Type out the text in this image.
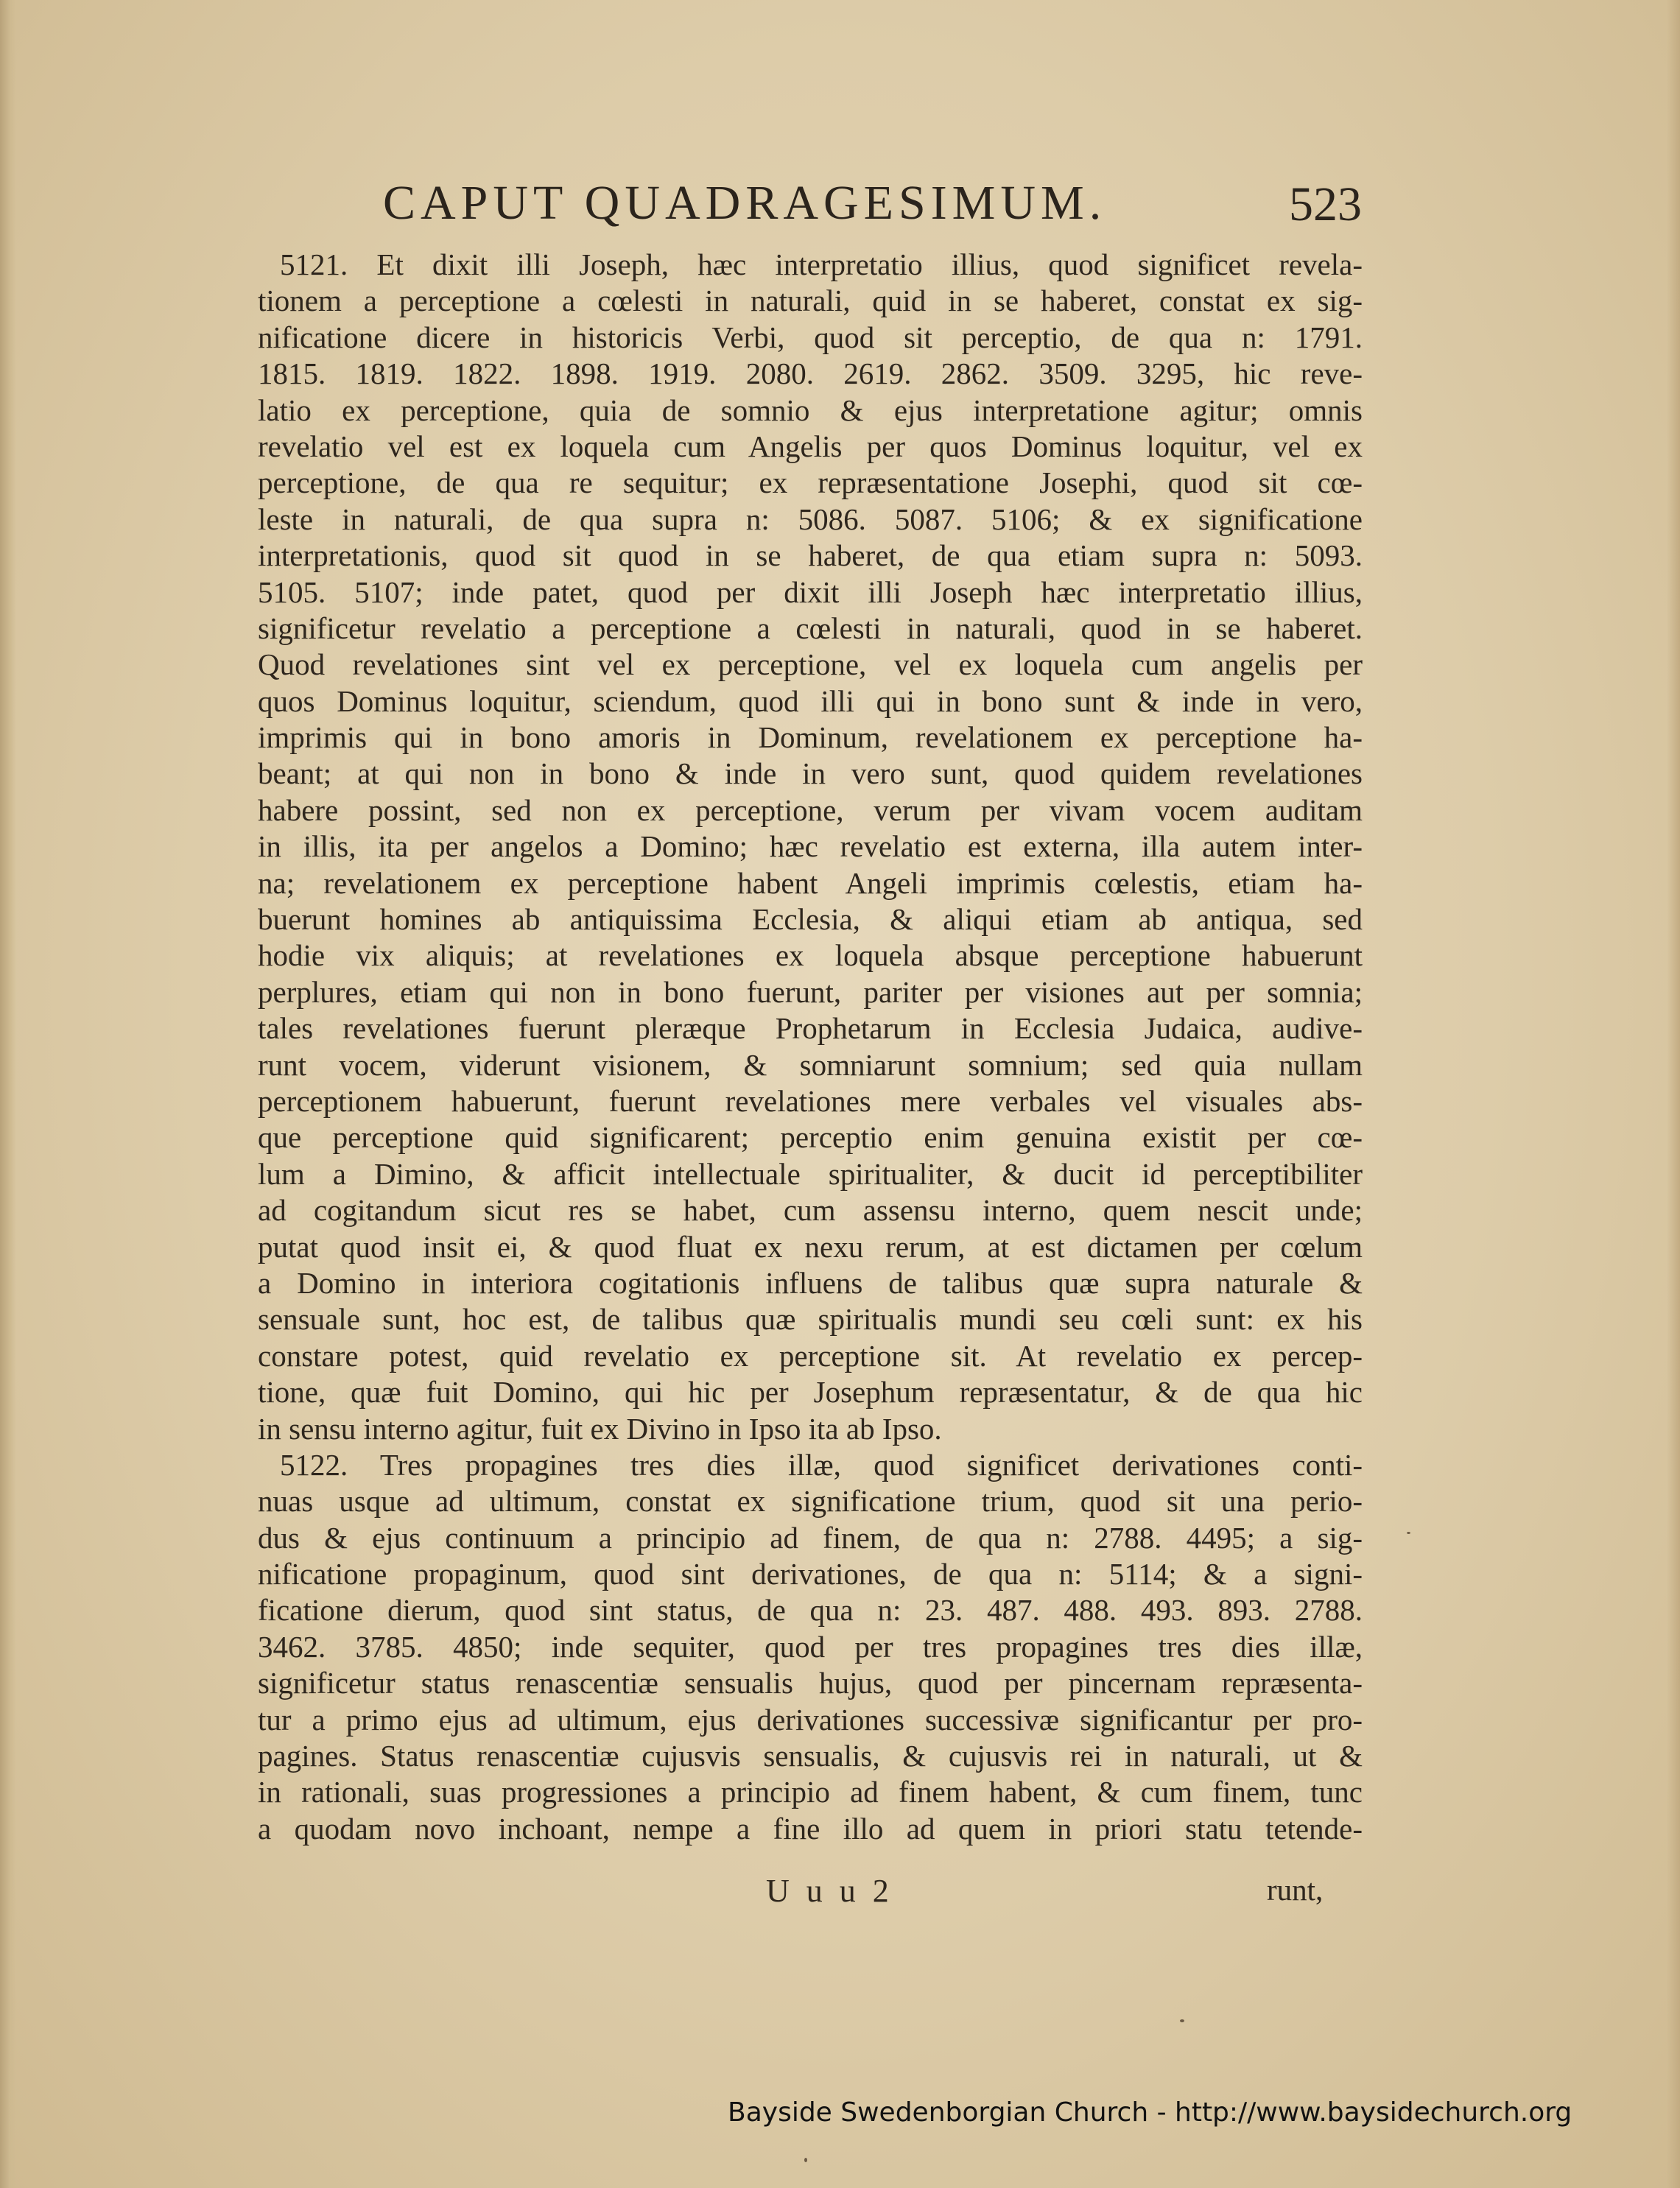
CAPUT QUADRAGESIMUM.	523
5121. Et dixit illi Joseph, hæc interpretatio illius, quod significet revela-
tionem a perceptione a cœlesti in naturali, quid in se haberet, constat ex sig-
nificatione dicere in historicis Verbi, quod sit perceptio, de qua n: 1791.
1815. 1819. 1822. 1898. 1919. 2080. 2619. 2862. 3509. 3295, hic reve-
latio ex perceptione, quia de somnio & ejus interpretatione agitur; omnis
revelatio vel est ex loquela cum Angelis per quos Dominus loquitur, vel ex
perceptione, de qua re sequitur; ex repræsentatione Josephi, quod sit cœ-
leste in naturali, de qua supra n: 5086. 5087. 5106; & ex significatione
interpretationis, quod sit quod in se haberet, de qua etiam supra n: 5093.
5105. 5107; inde patet, quod per dixit illi Joseph hæc interpretatio illius,
significetur revelatio a perceptione a cœlesti in naturali, quod in se haberet.
Quod revelationes sint vel ex perceptione, vel ex loquela cum angelis per
quos Dominus loquitur, sciendum, quod illi qui in bono sunt & inde in vero,
imprimis qui in bono amoris in Dominum, revelationem ex perceptione ha-
beant; at qui non in bono & inde in vero sunt, quod quidem revelationes
habere possint, sed non ex perceptione, verum per vivam vocem auditam
in illis, ita per angelos a Domino; hæc revelatio est externa, illa autem inter-
na; revelationem ex perceptione habent Angeli imprimis cœlestis, etiam ha-
buerunt homines ab antiquissima Ecclesia, & aliqui etiam ab antiqua, sed
hodie vix aliquis; at revelationes ex loquela absque perceptione habuerunt
perplures, etiam qui non in bono fuerunt, pariter per visiones aut per somnia;
tales revelationes fuerunt pleræque Prophetarum in Ecclesia Judaica, audive-
runt vocem, viderunt visionem, & somniarunt somnium; sed quia nullam
perceptionem habuerunt, fuerunt revelationes mere verbales vel visuales abs-
que perceptione quid significarent; perceptio enim genuina existit per cœ-
lum a Dimino, & afficit intellectuale spiritualiter, & ducit id perceptibiliter
ad cogitandum sicut res se habet, cum assensu interno, quem nescit unde;
putat quod insit ei, & quod fluat ex nexu rerum, at est dictamen per cœlum
a Domino in interiora cogitationis influens de talibus quæ supra naturale &
sensuale sunt, hoc est, de talibus quæ spiritualis mundi seu cœli sunt: ex his
constare potest, quid revelatio ex perceptione sit. At revelatio ex percep-
tione, quæ fuit Domino, qui hic per Josephum repræsentatur, & de qua hic
in sensu interno agitur, fuit ex Divino in Ipso ita ab Ipso.
5122. Tres propagines tres dies illæ, quod significet derivationes conti-
nuas usque ad ultimum, constat ex significatione trium, quod sit una perio-
dus & ejus continuum a principio ad finem, de qua n: 2788. 4495; a sig-
nificatione propaginum, quod sint derivationes, de qua n: 5114; & a signi-
ficatione dierum, quod sint status, de qua n: 23. 487. 488. 493. 893. 2788.
3462. 3785. 4850; inde sequiter, quod per tres propagines tres dies illæ,
significetur status renascentiæ sensualis hujus, quod per pincernam repræsenta-
tur a primo ejus ad ultimum, ejus derivationes successivæ significantur per pro-
pagines. Status renascentiæ cujusvis sensualis, & cujusvis rei in naturali, ut &
in rationali, suas progressiones a principio ad finem habent, & cum finem, tunc
a quodam novo inchoant, nempe a fine illo ad quem in priori statu tetende-
U u u 2	runt,
Bayside Swedenborgian Church - http://www.baysidechurch.org
